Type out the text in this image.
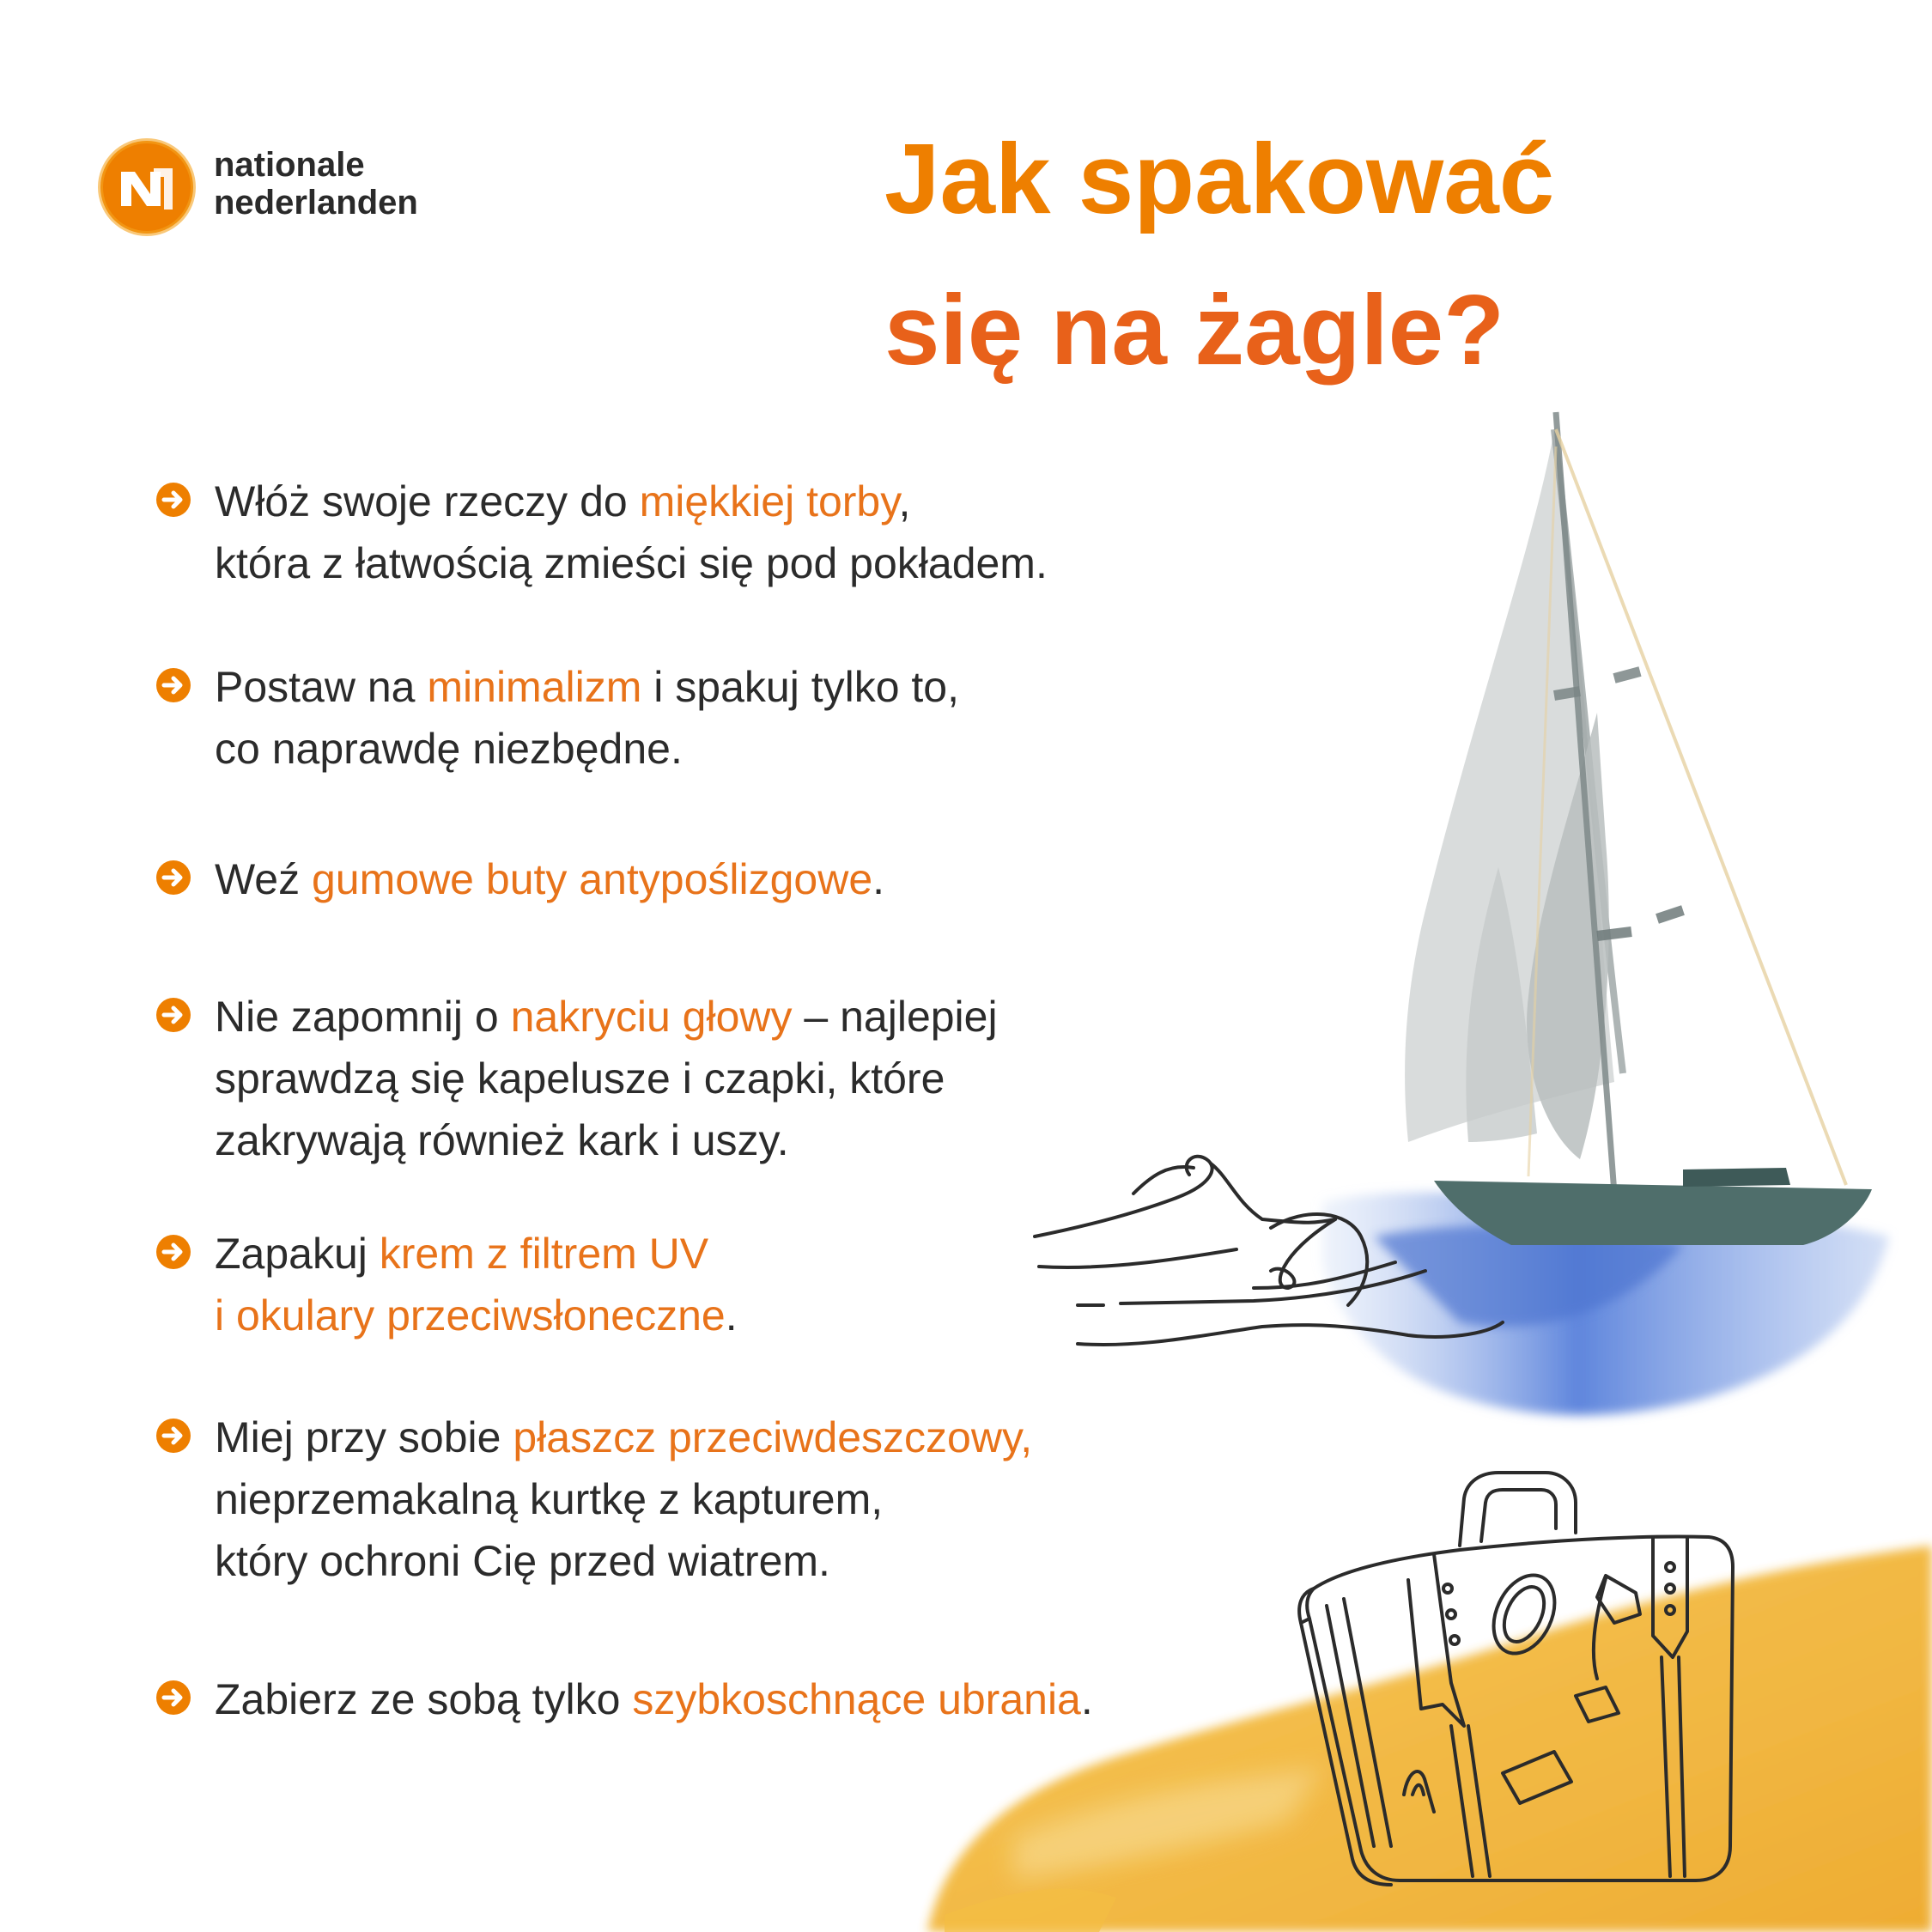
nationale
nederlanden	Jak spakować
się na żagle?
Włóż swoje rzeczy do miękkiej torby,
która z łatwością zmieści się pod pokładem.
Postaw na minimalizm i spakuj tylko to,
co naprawdę niezbędne.
Weź gumowe buty antypoślizgowe.
Nie zapomnij o nakryciu głowy – najlepiej
sprawdzą się kapelusze i czapki, które
zakrywają również kark i uszy.
Zapakuj krem z filtrem UV
i okulary przeciwsłoneczne.
Miej przy sobie płaszcz przeciwdeszczowy,
nieprzemakalną kurtkę z kapturem,
który ochroni Cię przed wiatrem.
Zabierz ze sobą tylko szybkoschnące ubrania.
